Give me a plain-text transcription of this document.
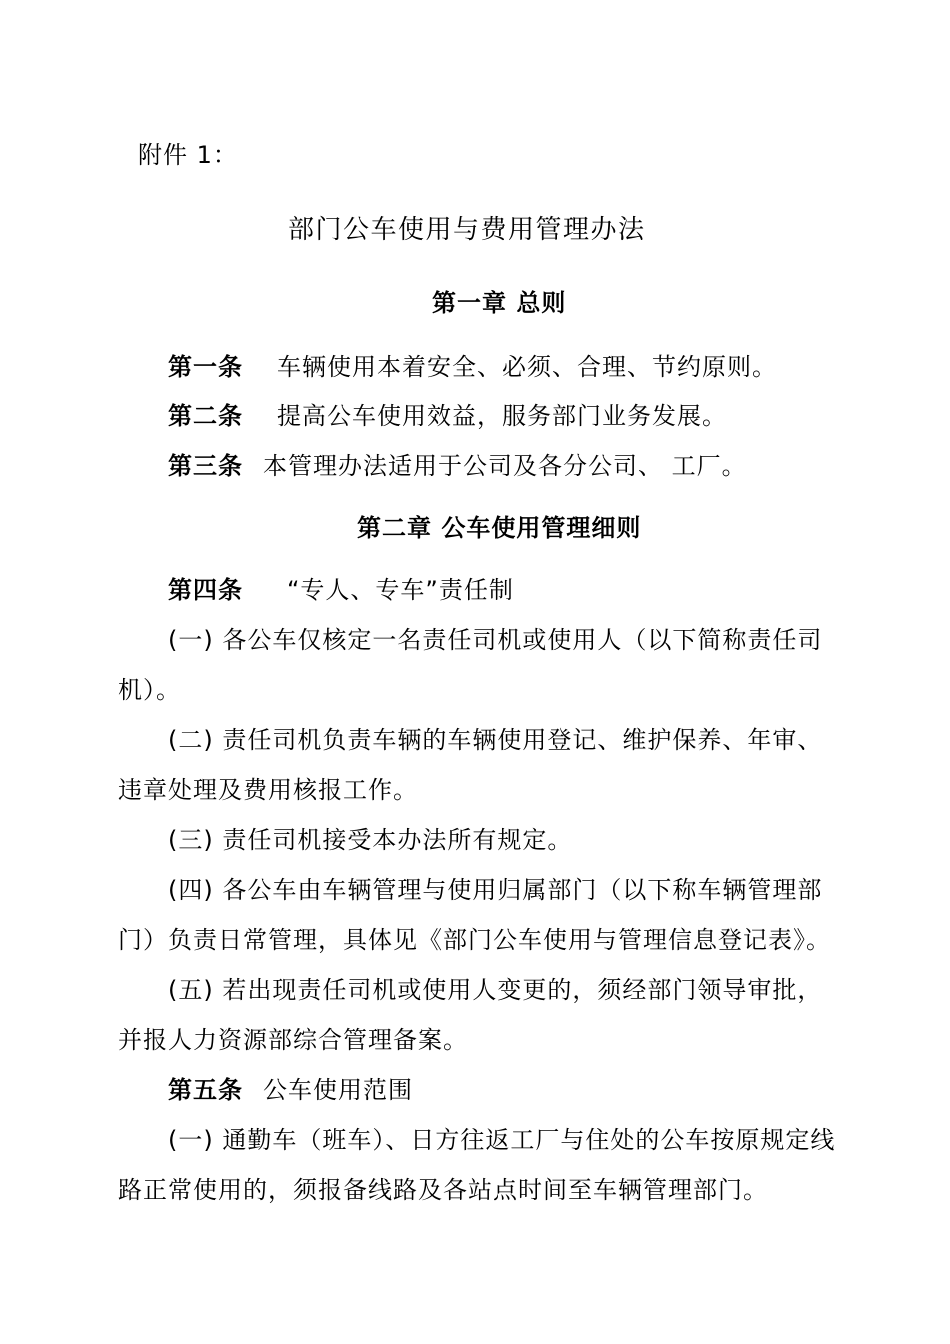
附件 1：
部门公车使用与费用管理办法
第一章 总则
第一条 车辆使用本着安全、必须、合理、节约原则。
第二条 提高公车使用效益，服务部门业务发展。
第三条 本管理办法适用于公司及各分公司、 工厂。
第二章 公车使用管理细则
第四条 “专人、专车”责任制
(一) 各公车仅核定一名责任司机或使用人（以下简称责任司
机）。
(二) 责任司机负责车辆的车辆使用登记、维护保养、年审、
违章处理及费用核报工作。
(三) 责任司机接受本办法所有规定。
(四) 各公车由车辆管理与使用归属部门（以下称车辆管理部
门）负责日常管理，具体见《部门公车使用与管理信息登记表》。
(五) 若出现责任司机或使用人变更的，须经部门领导审批，
并报人力资源部综合管理备案。
第五条 公车使用范围
(一) 通勤车（班车）、日方往返工厂与住处的公车按原规定线
路正常使用的，须报备线路及各站点时间至车辆管理部门。
